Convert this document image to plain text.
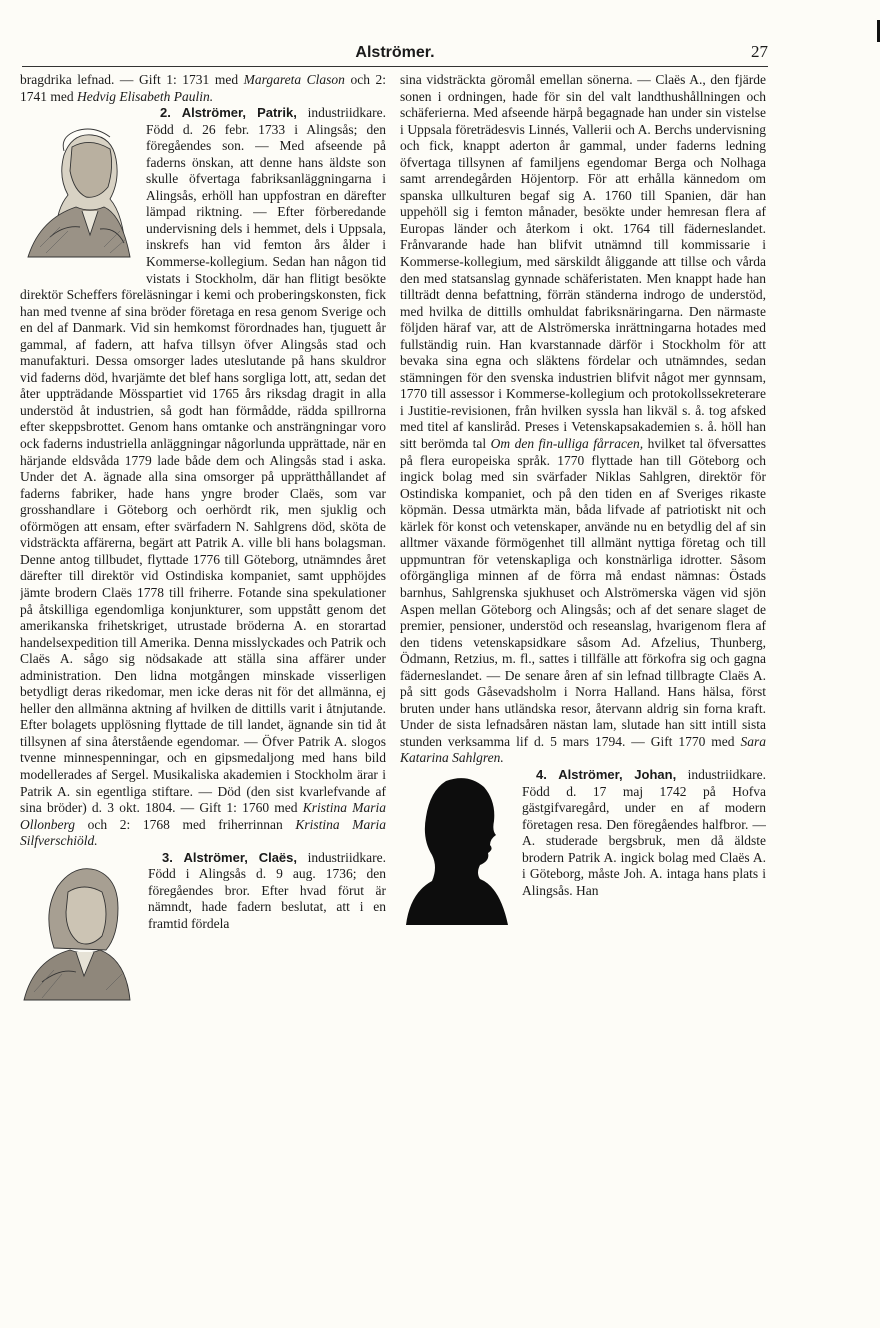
Alströmer.	27

bragdrika lefnad. — Gift 1: 1731 med Margareta Clason och 2: 1741 med Hedvig Elisabeth Paulin.

2. Alströmer, Patrik, industriidkare. Född d. 26 febr. 1733 i Alingsås; den föregåendes son. — Med afseende på faderns önskan, att denne hans äldste son skulle öfvertaga fabriksanläggningarna i Alingsås, erhöll han uppfostran en därefter lämpad riktning. — Efter förberedande undervisning dels i hemmet, dels i Uppsala, inskrefs han vid femton års ålder i Kommerse-kollegium. Sedan han någon tid vistats i Stockholm, där han flitigt besökte direktör Scheffers föreläsningar i kemi och proberingskonsten, fick han med tvenne af sina bröder företaga en resa genom Sverige och en del af Danmark. Vid sin hemkomst förordnades han, tjuguett år gammal, af fadern, att hafva tillsyn öfver Alingsås stad och manufakturi. Dessa omsorger lades uteslutande på hans skuldror vid faderns död, hvarjämte det blef hans sorgliga lott, att, sedan det åter uppträdande Mösspartiet vid 1765 års riksdag dragit in alla understöd åt industrien, så godt han förmådde, rädda spillrorna efter skeppsbrottet. Genom hans omtanke och ansträngningar voro ock faderns industriella anläggningar någorlunda upprättade, när en härjande eldsvåda 1779 lade både dem och Alingsås stad i aska. Under det A. ägnade alla sina omsorger på upprätthållandet af faderns fabriker, hade hans yngre broder Claës, som var grosshandlare i Göteborg och oerhördt rik, men sjuklig och oförmögen att ensam, efter svärfadern N. Sahlgrens död, sköta de vidsträckta affärerna, begärt att Patrik A. ville bli hans bolagsman. Denne antog tillbudet, flyttade 1776 till Göteborg, utnämndes året därefter till direktör vid Ostindiska kompaniet, samt upphöjdes jämte brodern Claës 1778 till friherre. Fotande sina spekulationer på åtskilliga egendomliga konjunkturer, som uppstått genom det amerikanska frihetskriget, utrustade bröderna A. en storartad handelsexpedition till Amerika. Denna misslyckades och Patrik och Claës A. sågo sig nödsakade att ställa sina affärer under administration. Den lidna motgången minskade visserligen betydligt deras rikedomar, men icke deras nit för det allmänna, ej heller den allmänna aktning af hvilken de dittills varit i åtnjutande. Efter bolagets upplösning flyttade de till landet, ägnande sin tid åt tillsynen af sina återstående egendomar. — Öfver Patrik A. slogos tvenne minnespenningar, och en gipsmedaljong med hans bild modellerades af Sergel. Musikaliska akademien i Stockholm ärar i Patrik A. sin egentliga stiftare. — Död (den sist kvarlefvande af sina bröder) d. 3 okt. 1804. — Gift 1: 1760 med Kristina Maria Ollonberg och 2: 1768 med friherrinnan Kristina Maria Silfverschiöld.

3. Alströmer, Claës, industriidkare. Född i Alingsås d. 9 aug. 1736; den föregåendes bror. Efter hvad förut är nämndt, hade fadern beslutat, att i en framtid fördela

sina vidsträckta göromål emellan sönerna. — Claës A., den fjärde sonen i ordningen, hade för sin del valt landthushållningen och schäferierna. Med afseende härpå begagnade han under sin vistelse i Uppsala företrädesvis Linnés, Vallerii och A. Berchs undervisning och fick, knappt aderton år gammal, under faderns ledning öfvertaga tillsynen af familjens egendomar Berga och Nolhaga samt arrendegården Höjentorp. För att erhålla kännedom om spanska ullkulturen begaf sig A. 1760 till Spanien, där han uppehöll sig i femton månader, besökte under hemresan flera af Europas länder och återkom i okt. 1764 till fäderneslandet. Frånvarande hade han blifvit utnämnd till kommissarie i Kommerse-kollegium, med särskildt åliggande att tillse och vårda den med statsanslag gynnade schäferistaten. Men knappt hade han tillträdt denna befattning, förrän ständerna indrogo de understöd, med hvilka de dittills omhuldat fabriksnäringarna. Den närmaste följden häraf var, att de Alströmerska inrättningarna hotades med fullständig ruin. Han kvarstannade därför i Stockholm för att bevaka sina egna och släktens fördelar och utnämndes, sedan stämningen för den svenska industrien blifvit något mer gynnsam, 1770 till assessor i Kommerse-kollegium och protokollssekreterare i Justitie-revisionen, från hvilken syssla han likväl s. å. tog afsked med titel af kansliråd. Preses i Vetenskapsakademien s. å. höll han sitt berömda tal Om den fin-ulliga fårracen, hvilket tal öfversattes på flera europeiska språk. 1770 flyttade han till Göteborg och ingick bolag med sin svärfader Niklas Sahlgren, direktör för Ostindiska kompaniet, och på den tiden en af Sveriges rikaste köpmän. Dessa utmärkta män, båda lifvade af patriotiskt nit och kärlek för konst och vetenskaper, använde nu en betydlig del af sin alltmer växande förmögenhet till allmänt nyttiga företag och till uppmuntran för vetenskapliga och konstnärliga idrotter. Såsom oförgängliga minnen af de förra må endast nämnas: Östads barnhus, Sahlgrenska sjukhuset och Alströmerska vägen vid sjön Aspen mellan Göteborg och Alingsås; och af det senare slaget de premier, pensioner, understöd och reseanslag, hvarigenom flera af den tidens vetenskapsidkare såsom Ad. Afzelius, Thunberg, Ödmann, Retzius, m. fl., sattes i tillfälle att förkofra sig och gagna fäderneslandet. — De senare åren af sin lefnad tillbragte Claës A. på sitt gods Gåsevadsholm i Norra Halland. Hans hälsa, först bruten under hans utländska resor, återvann aldrig sin forna kraft. Under de sista lefnadsåren nästan lam, slutade han sitt intill sista stunden verksamma lif d. 5 mars 1794. — Gift 1770 med Sara Katarina Sahlgren.

4. Alströmer, Johan, industriidkare. Född d. 17 maj 1742 på Hofva gästgifvaregård, under en af modern företagen resa. Den föregåendes halfbror. — A. studerade bergsbruk, men då äldste brodern Patrik A. ingick bolag med Claës A. i Göteborg, måste Joh. A. intaga hans plats i Alingsås. Han
